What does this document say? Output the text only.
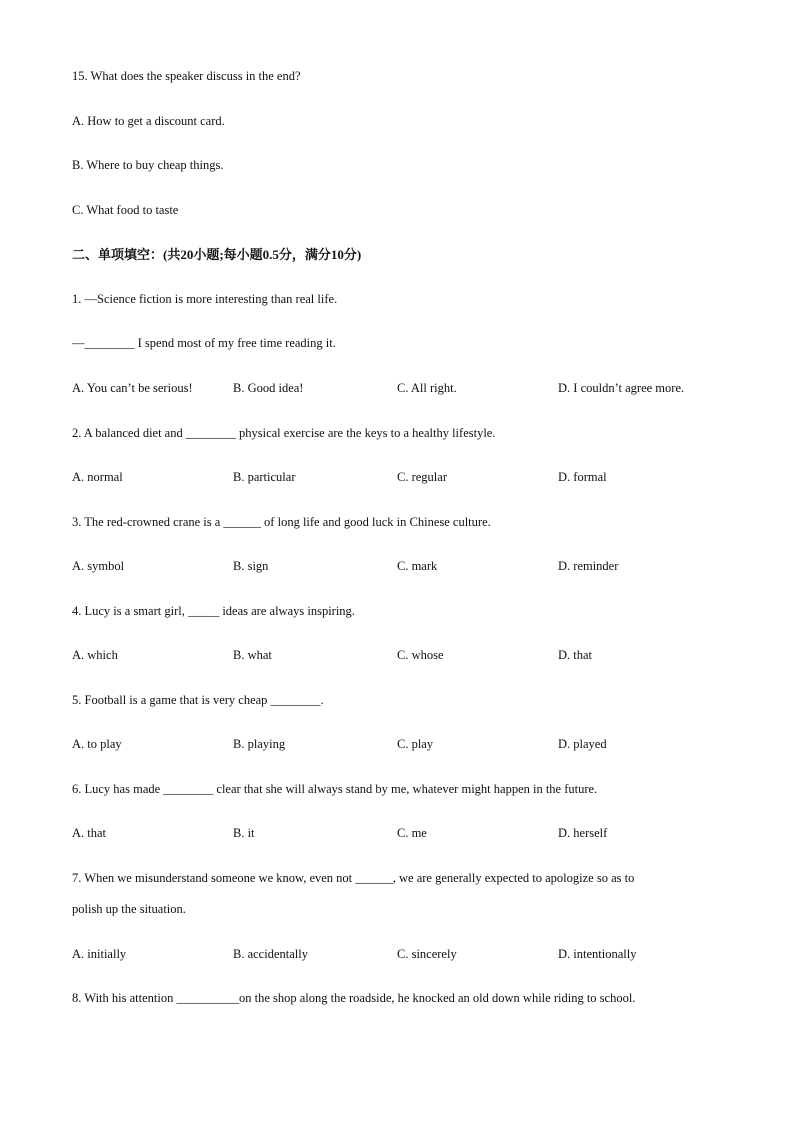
15. What does the speaker discuss in the end?
A. How to get a discount card.
B. Where to buy cheap things.
C. What food to taste
二、单项填空：(共20小题;每小题0.5分，满分10分)
1. —Science fiction is more interesting than real life.
—________ I spend most of my free time reading it.
A. You can’t be serious!	B. Good idea!	C. All right.	D. I couldn’t agree more.
2. A balanced diet and ________ physical exercise are the keys to a healthy lifestyle.
A. normal	B. particular	C. regular	D. formal
3. The red-crowned crane is a ______ of long life and good luck in Chinese culture.
A. symbol	B. sign	C. mark	D. reminder
4. Lucy is a smart girl, _____ ideas are always inspiring.
A. which	B. what	C. whose	D. that
5. Football is a game that is very cheap ________.
A. to play	B. playing	C. play	D. played
6. Lucy has made ________ clear that she will always stand by me, whatever might happen in the future.
A. that	B. it	C. me	D. herself
7. When we misunderstand someone we know, even not ______, we are generally expected to apologize so as to
polish up the situation.
A. initially	B. accidentally	C. sincerely	D. intentionally
8. With his attention __________on the shop along the roadside, he knocked an old down while riding to school.
